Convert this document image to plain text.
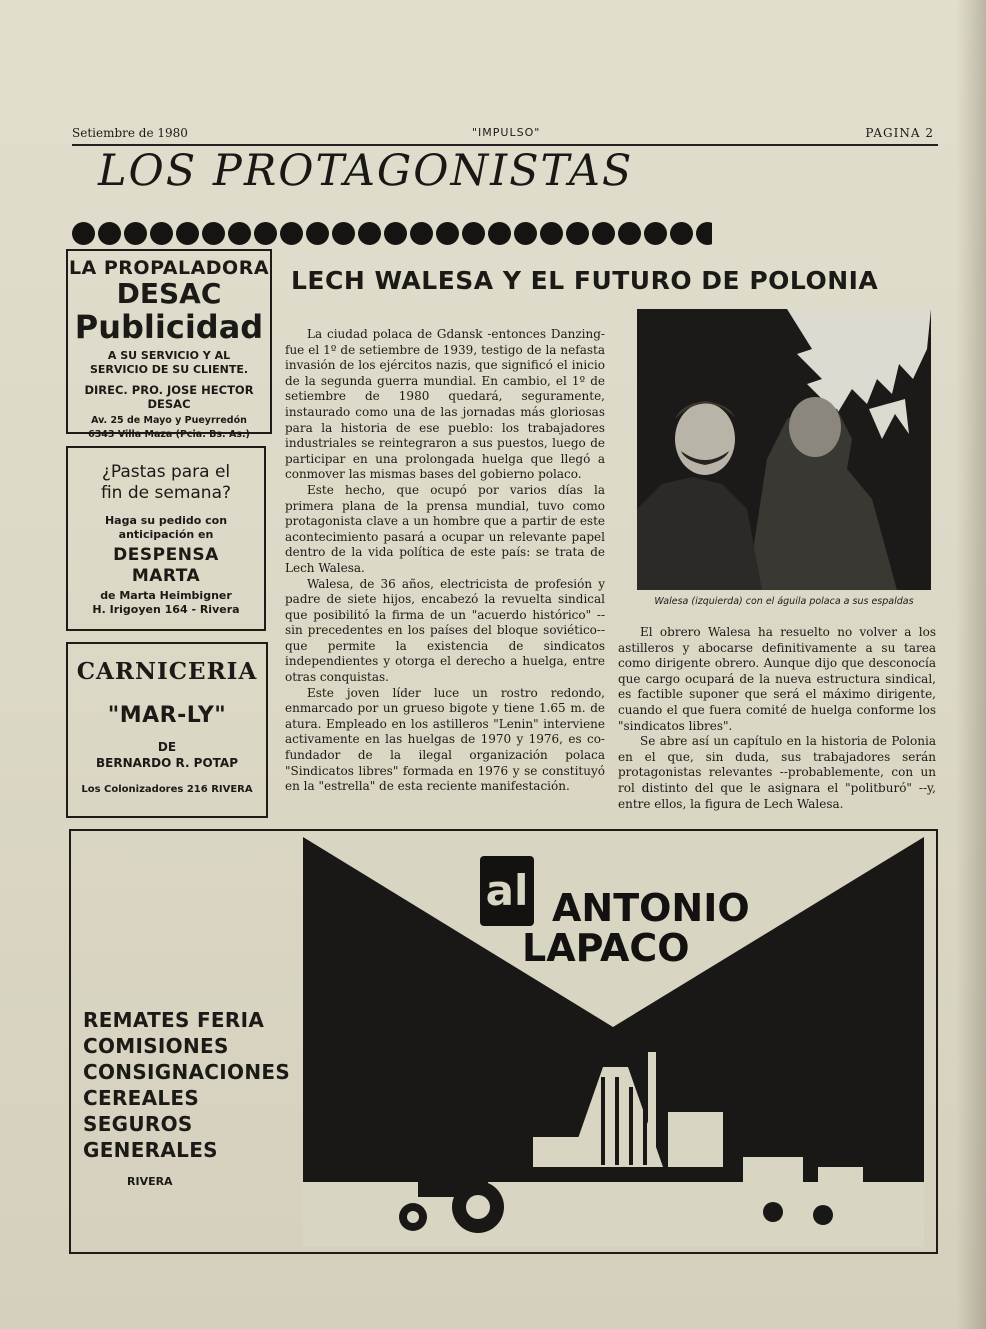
Setiembre de 1980	"IMPULSO"	PAGINA 2
LOS PROTAGONISTAS
LA PROPALADORA
DESAC
Publicidad
A SU SERVICIO Y AL
SERVICIO DE SU CLIENTE.
DIREC. PRO. JOSE HECTOR DESAC
Av. 25 de Mayo y Pueyrredón
6343 Villa Maza (Pcia. Bs. As.)
¿Pastas para el
fin de semana?
Haga su pedido con
anticipación en
DESPENSA
MARTA
de Marta Heimbigner
H. Irigoyen 164 - Rivera
CARNICERIA
"MAR-LY"
DE
BERNARDO R. POTAP
Los Colonizadores 216 RIVERA
LECH WALESA Y EL FUTURO DE POLONIA

La ciudad polaca de Gdansk -entonces Danzing- fue el 1º de setiembre de 1939, testigo de la nefasta invasión de los ejércitos nazis, que significó el inicio de la segunda guerra mundial. En cambio, el 1º de setiembre de 1980 quedará, seguramente, instaurado como una de las jornadas más gloriosas para la historia de ese pueblo: los trabajadores industriales se reintegraron a sus puestos, luego de participar en una prolongada huelga que llegó a conmover las mismas bases del gobierno polaco.

Este hecho, que ocupó por varios días la primera plana de la prensa mundial, tuvo como protagonista clave a un hombre que a partir de este acontecimiento pasará a ocupar un relevante papel dentro de la vida política de este país: se trata de Lech Walesa.

Walesa, de 36 años, electricista de profesión y padre de siete hijos, encabezó la revuelta sindical que posibilitó la firma de un "acuerdo histórico" --sin precedentes en los países del bloque soviético-- que permite la existencia de sindicatos independientes y otorga el derecho a huelga, entre otras conquistas.

Este joven líder luce un rostro redondo, enmarcado por un grueso bigote y tiene 1.65 m. de atura. Empleado en los astilleros "Lenin" interviene activamente en las huelgas de 1970 y 1976, es co-fundador de la ilegal organización polaca "Sindicatos libres" formada en 1976 y se constituyó en la "estrella" de esta reciente manifestación.

Walesa (izquierda) con el águila polaca a sus espaldas

El obrero Walesa ha resuelto no volver a los astilleros y abocarse definitivamente a su tarea como dirigente obrero. Aunque dijo que desconocía que cargo ocupará de la nueva estructura sindical, es factible suponer que será el máximo dirigente, cuando el que fuera comité de huelga conforme los "sindicatos libres".

Se abre así un capítulo en la historia de Polonia en el que, sin duda, sus trabajadores serán protagonistas relevantes --probablemente, con un rol distinto del que le asignara el "politburó" --y, entre ellos, la figura de Lech Walesa.

REMATES FERIA
COMISIONES
CONSIGNACIONES
CEREALES
SEGUROS
GENERALES
RIVERA
al ANTONIO
LAPACO
